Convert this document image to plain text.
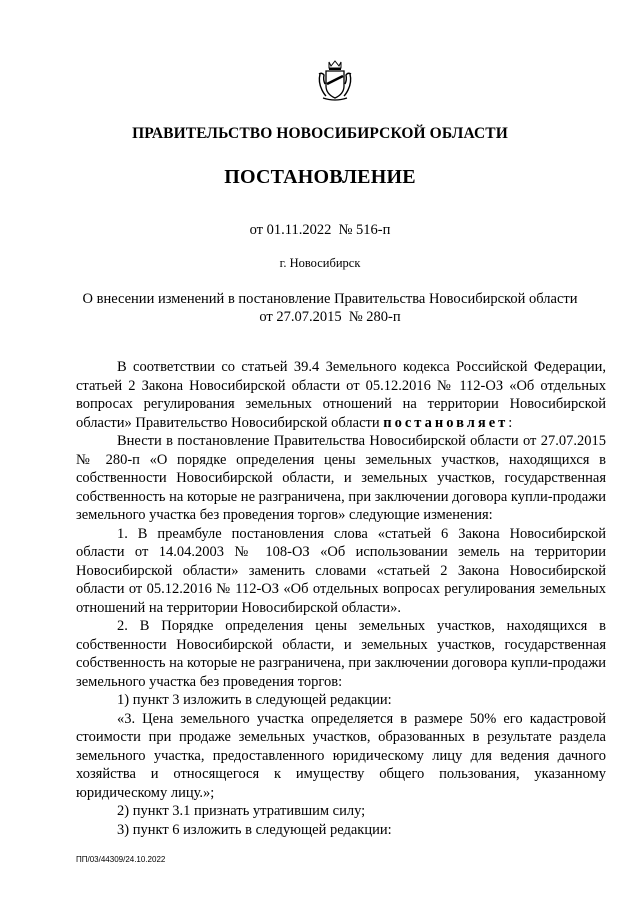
ПРАВИТЕЛЬСТВО НОВОСИБИРСКОЙ ОБЛАСТИ
ПОСТАНОВЛЕНИЕ
от 01.11.2022  № 516-п
г. Новосибирск
О внесении изменений в постановление Правительства Новосибирской области
от 27.07.2015  № 280-п

В соответствии со статьей 39.4 Земельного кодекса Российской Федерации, статьей 2 Закона Новосибирской области от 05.12.2016 № 112-ОЗ «Об отдельных вопросах регулирования земельных отношений на территории Новосибирской области» Правительство Новосибирской области постановляет:

Внести в постановление Правительства Новосибирской области от 27.07.2015 № 280-п «О порядке определения цены земельных участков, находящихся в собственности Новосибирской области, и земельных участков, государственная собственность на которые не разграничена, при заключении договора купли-продажи земельного участка без проведения торгов» следующие изменения:

1. В преамбуле постановления слова «статьей 6 Закона Новосибирской области от 14.04.2003 № 108-ОЗ «Об использовании земель на территории Новосибирской области» заменить словами «статьей 2 Закона Новосибирской области от 05.12.2016 № 112-ОЗ «Об отдельных вопросах регулирования земельных отношений на территории Новосибирской области».

2. В Порядке определения цены земельных участков, находящихся в собственности Новосибирской области, и земельных участков, государственная собственность на которые не разграничена, при заключении договора купли-продажи земельного участка без проведения торгов:

1) пункт 3 изложить в следующей редакции:

«3. Цена земельного участка определяется в размере 50% его кадастровой стоимости при продаже земельных участков, образованных в результате раздела земельного участка, предоставленного юридическому лицу для ведения дачного хозяйства и относящегося к имуществу общего пользования, указанному юридическому лицу.»;

2) пункт 3.1 признать утратившим силу;

3) пункт 6 изложить в следующей редакции:

ПП/03/44309/24.10.2022
